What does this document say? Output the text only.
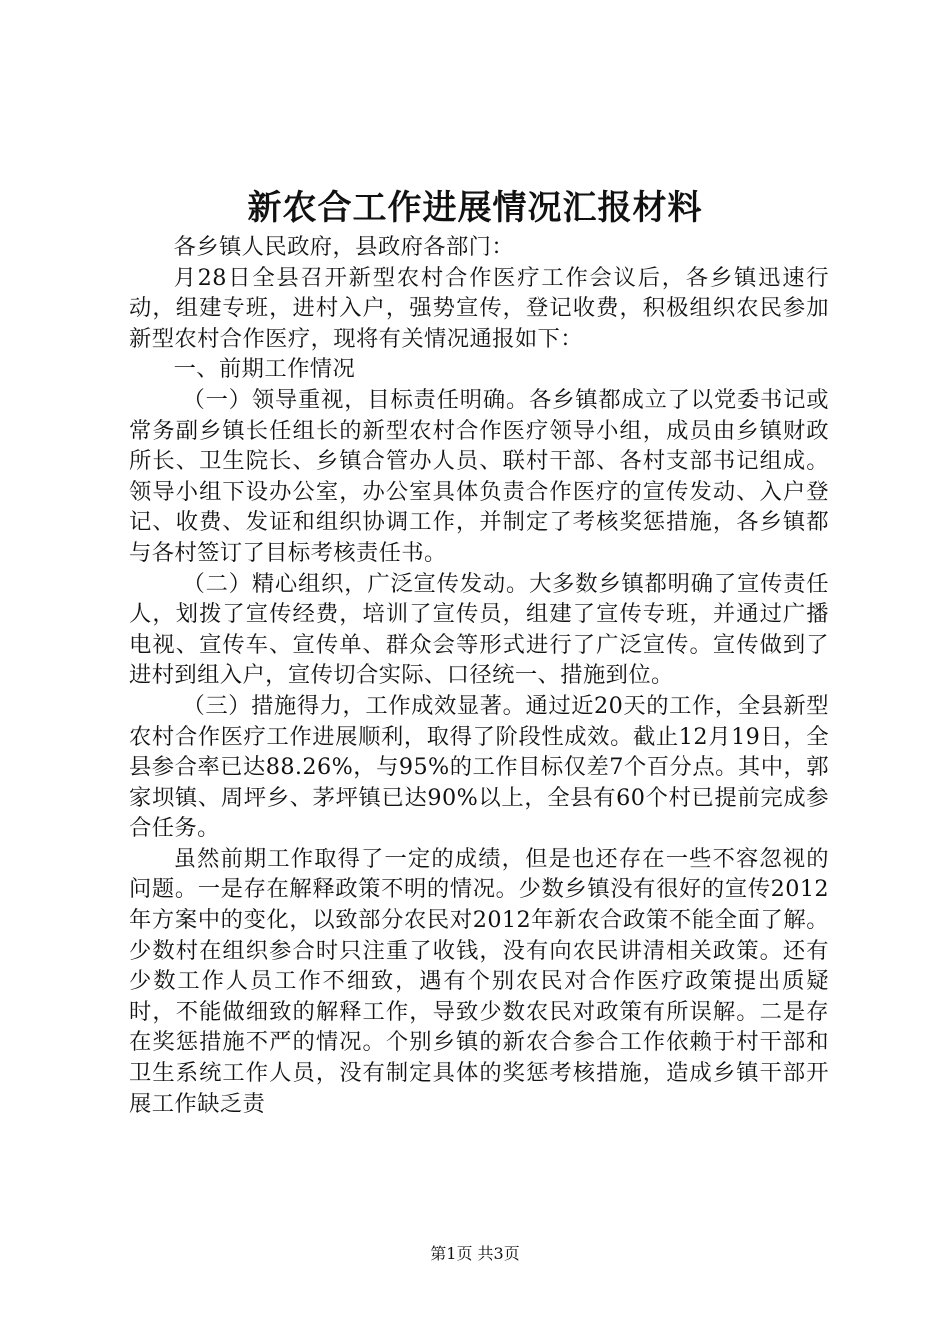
新农合工作进展情况汇报材料

各乡镇人民政府，县政府各部门：

月28日全县召开新型农村合作医疗工作会议后，各乡镇迅速行动，组建专班，进村入户，强势宣传，登记收费，积极组织农民参加新型农村合作医疗，现将有关情况通报如下：

一、前期工作情况

（一）领导重视，目标责任明确。各乡镇都成立了以党委书记或常务副乡镇长任组长的新型农村合作医疗领导小组，成员由乡镇财政所长、卫生院长、乡镇合管办人员、联村干部、各村支部书记组成。领导小组下设办公室，办公室具体负责合作医疗的宣传发动、入户登记、收费、发证和组织协调工作，并制定了考核奖惩措施，各乡镇都与各村签订了目标考核责任书。

（二）精心组织，广泛宣传发动。大多数乡镇都明确了宣传责任人，划拨了宣传经费，培训了宣传员，组建了宣传专班，并通过广播电视、宣传车、宣传单、群众会等形式进行了广泛宣传。宣传做到了进村到组入户，宣传切合实际、口径统一、措施到位。

（三）措施得力，工作成效显著。通过近20天的工作，全县新型农村合作医疗工作进展顺利，取得了阶段性成效。截止12月19日，全县参合率已达88.26%，与95%的工作目标仅差7个百分点。其中，郭家坝镇、周坪乡、茅坪镇已达90%以上，全县有60个村已提前完成参合任务。

虽然前期工作取得了一定的成绩，但是也还存在一些不容忽视的问题。一是存在解释政策不明的情况。少数乡镇没有很好的宣传2012年方案中的变化，以致部分农民对2012年新农合政策不能全面了解。少数村在组织参合时只注重了收钱，没有向农民讲清相关政策。还有少数工作人员工作不细致，遇有个别农民对合作医疗政策提出质疑时，不能做细致的解释工作，导致少数农民对政策有所误解。二是存在奖惩措施不严的情况。个别乡镇的新农合参合工作依赖于村干部和卫生系统工作人员，没有制定具体的奖惩考核措施，造成乡镇干部开展工作缺乏责

第1页 共3页
